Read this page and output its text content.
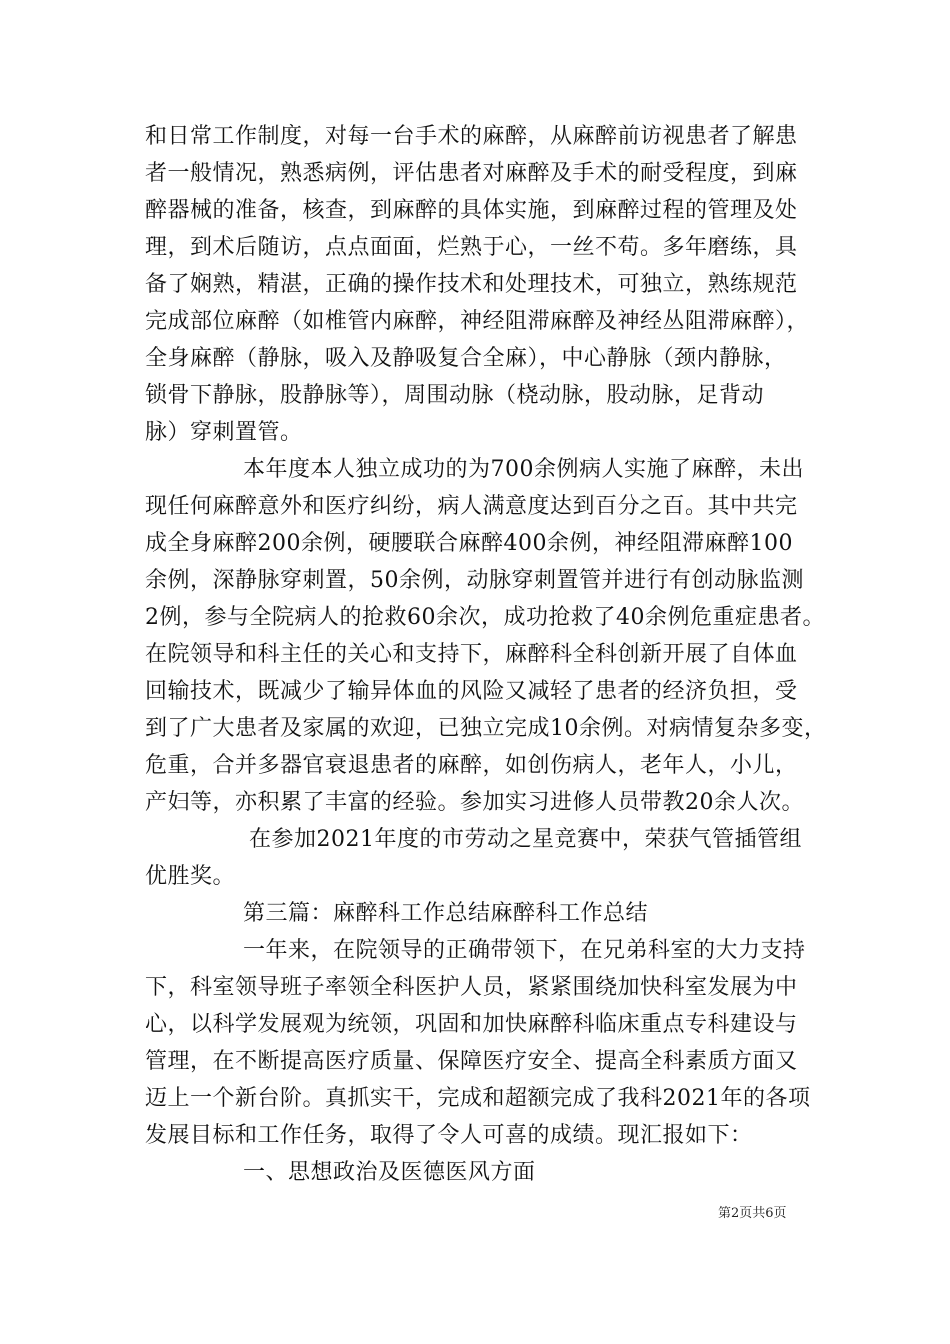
和日常工作制度，对每一台手术的麻醉，从麻醉前访视患者了解患
者一般情况，熟悉病例，评估患者对麻醉及手术的耐受程度，到麻
醉器械的准备，核查，到麻醉的具体实施，到麻醉过程的管理及处
理，到术后随访，点点面面，烂熟于心，一丝不苟。多年磨练，具
备了娴熟，精湛，正确的操作技术和处理技术，可独立，熟练规范
完成部位麻醉（如椎管内麻醉，神经阻滞麻醉及神经丛阻滞麻醉），
全身麻醉（静脉，吸入及静吸复合全麻），中心静脉（颈内静脉，
锁骨下静脉，股静脉等），周围动脉（桡动脉，股动脉，足背动
脉）穿刺置管。
本年度本人独立成功的为700余例病人实施了麻醉，未出
现任何麻醉意外和医疗纠纷，病人满意度达到百分之百。其中共完
成全身麻醉200余例，硬腰联合麻醉400余例，神经阻滞麻醉100
余例，深静脉穿刺置，50余例，动脉穿刺置管并进行有创动脉监测
2例，参与全院病人的抢救60余次，成功抢救了40余例危重症患者。
在院领导和科主任的关心和支持下，麻醉科全科创新开展了自体血
回输技术，既减少了输异体血的风险又减轻了患者的经济负担，受
到了广大患者及家属的欢迎，已独立完成10余例。对病情复杂多变，
危重，合并多器官衰退患者的麻醉，如创伤病人，老年人，小儿，
产妇等，亦积累了丰富的经验。参加实习进修人员带教20余人次。
在参加2021年度的市劳动之星竞赛中，荣获气管插管组
优胜奖。
第三篇：麻醉科工作总结麻醉科工作总结
一年来，在院领导的正确带领下，在兄弟科室的大力支持
下，科室领导班子率领全科医护人员，紧紧围绕加快科室发展为中
心，以科学发展观为统领，巩固和加快麻醉科临床重点专科建设与
管理，在不断提高医疗质量、保障医疗安全、提高全科素质方面又
迈上一个新台阶。真抓实干，完成和超额完成了我科2021年的各项
发展目标和工作任务，取得了令人可喜的成绩。现汇报如下：
一、思想政治及医德医风方面
第2页共6页
